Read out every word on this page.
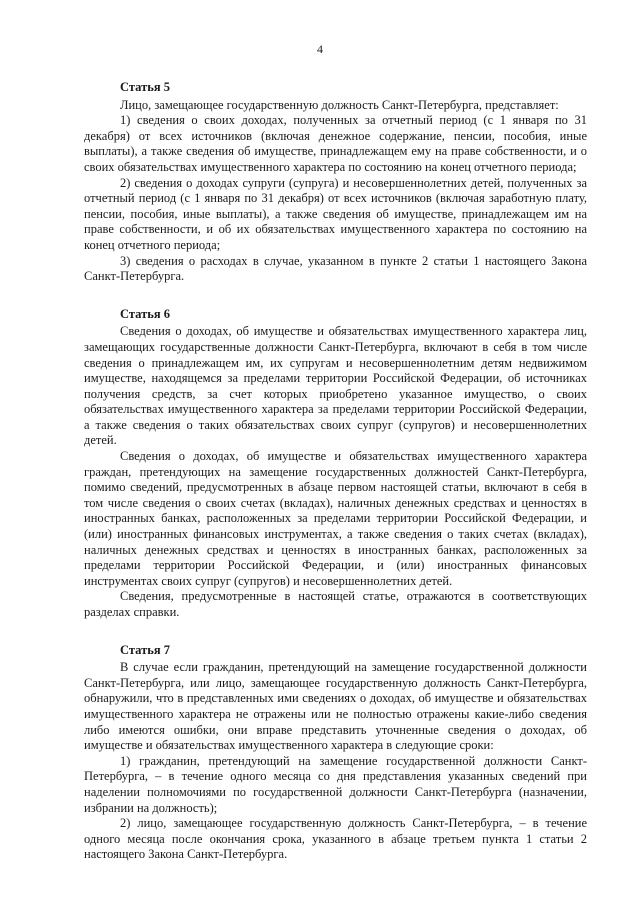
4
Статья 5

Лицо, замещающее государственную должность Санкт-Петербурга, представляет:

1) сведения о своих доходах, полученных за отчетный период (с 1 января по 31 декабря) от всех источников (включая денежное содержание, пенсии, пособия, иные выплаты), а также сведения об имуществе, принадлежащем ему на праве собственности, и о своих обязательствах имущественного характера по состоянию на конец отчетного периода;

2) сведения о доходах супруги (супруга) и несовершеннолетних детей, полученных за отчетный период (с 1 января по 31 декабря) от всех источников (включая заработную плату, пенсии, пособия, иные выплаты), а также сведения об имуществе, принадлежащем им на праве собственности, и об их обязательствах имущественного характера по состоянию на конец отчетного периода;

3) сведения о расходах в случае, указанном в пункте 2 статьи 1 настоящего Закона Санкт-Петербурга.

Статья 6

Сведения о доходах, об имуществе и обязательствах имущественного характера лиц, замещающих государственные должности Санкт-Петербурга, включают в себя в том числе сведения о принадлежащем им, их супругам и несовершеннолетним детям недвижимом имуществе, находящемся за пределами территории Российской Федерации, об источниках получения средств, за счет которых приобретено указанное имущество, о своих обязательствах имущественного характера за пределами территории Российской Федерации, а также сведения о таких обязательствах своих супруг (супругов) и несовершеннолетних детей.

Сведения о доходах, об имуществе и обязательствах имущественного характера граждан, претендующих на замещение государственных должностей Санкт-Петербурга, помимо сведений, предусмотренных в абзаце первом настоящей статьи, включают в себя в том числе сведения о своих счетах (вкладах), наличных денежных средствах и ценностях в иностранных банках, расположенных за пределами территории Российской Федерации, и (или) иностранных финансовых инструментах, а также сведения о таких счетах (вкладах), наличных денежных средствах и ценностях в иностранных банках, расположенных за пределами территории Российской Федерации, и (или) иностранных финансовых инструментах своих супруг (супругов) и несовершеннолетних детей.

Сведения, предусмотренные в настоящей статье, отражаются в соответствующих разделах справки.

Статья 7

В случае если гражданин, претендующий на замещение государственной должности Санкт-Петербурга, или лицо, замещающее государственную должность Санкт-Петербурга, обнаружили, что в представленных ими сведениях о доходах, об имуществе и обязательствах имущественного характера не отражены или не полностью отражены какие-либо сведения либо имеются ошибки, они вправе представить уточненные сведения о доходах, об имуществе и обязательствах имущественного характера в следующие сроки:

1) гражданин, претендующий на замещение государственной должности Санкт-Петербурга, – в течение одного месяца со дня представления указанных сведений при наделении полномочиями по государственной должности Санкт-Петербурга (назначении, избрании на должность);

2) лицо, замещающее государственную должность Санкт-Петербурга, – в течение одного месяца после окончания срока, указанного в абзаце третьем пункта 1 статьи 2 настоящего Закона Санкт-Петербурга.
